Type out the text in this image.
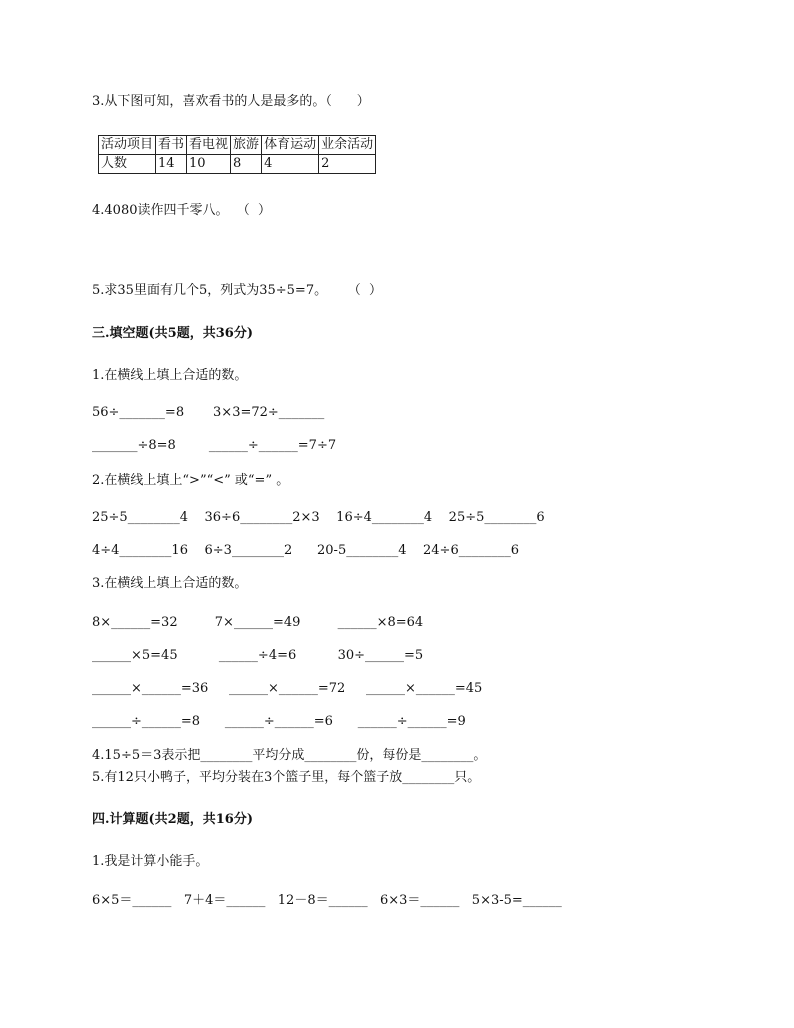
3.从下图可知，喜欢看书的人是最多的。（      ）
活动项目	看书	看电视	旅游	体育运动	业余活动
人数	14	10	8	4	2
4.4080读作四千零八。  （  ）
5.求35里面有几个5，列式为35÷5=7。     （  ）
三.填空题(共5题，共36分)
1.在横线上填上合适的数。
56÷_______=8       3×3=72÷_______
_______÷8=8        ______÷______=7÷7
2.在横线上填上“>”“<” 或“=” 。
25÷5________4    36÷6________2×3    16÷4________4    25÷5________6
4÷4________16    6÷3________2      20-5________4    24÷6________6
3.在横线上填上合适的数。
8×______=32         7×______=49         ______×8=64
______×5=45          ______÷4=6          30÷______=5
______×______=36     ______×______=72     ______×______=45
______÷______=8      ______÷______=6      ______÷______=9
4.15÷5＝3表示把________平均分成________份，每份是________。
5.有12只小鸭子，平均分装在3个篮子里，每个篮子放________只。
四.计算题(共2题，共16分)
1.我是计算小能手。
6×5＝______   7＋4＝______   12－8＝______   6×3＝______   5×3-5=______
